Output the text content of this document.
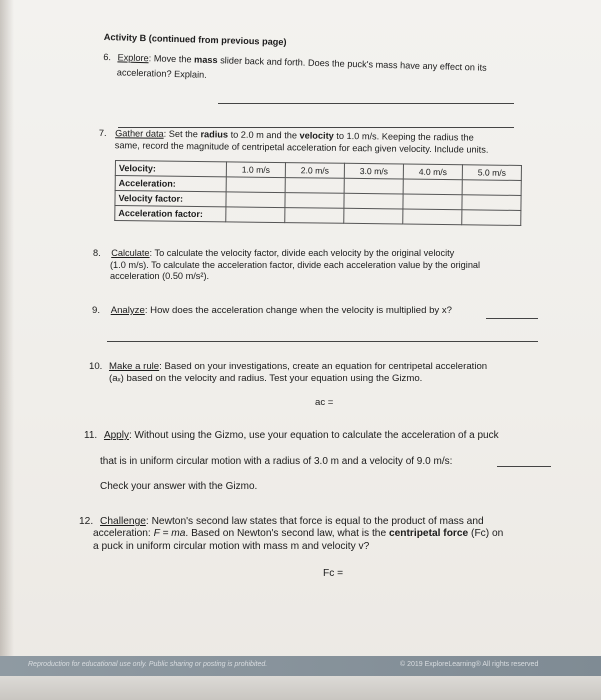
Activity B (continued from previous page)
6. Explore: Move the mass slider back and forth. Does the puck's mass have any effect on its
acceleration? Explain.
7. Gather data: Set the radius to 2.0 m and the velocity to 1.0 m/s. Keeping the radius the
same, record the magnitude of centripetal acceleration for each given velocity. Include units.
Velocity:	1.0 m/s	2.0 m/s	3.0 m/s	4.0 m/s	5.0 m/s
Acceleration:					
Velocity factor:					
Acceleration factor:					
8. Calculate: To calculate the velocity factor, divide each velocity by the original velocity
(1.0 m/s). To calculate the acceleration factor, divide each acceleration value by the original
acceleration (0.50 m/s²).
9. Analyze: How does the acceleration change when the velocity is multiplied by x?
10. Make a rule: Based on your investigations, create an equation for centripetal acceleration
(aₓ) based on the velocity and radius. Test your equation using the Gizmo.
aᴄ =
11. Apply: Without using the Gizmo, use your equation to calculate the acceleration of a puck
that is in uniform circular motion with a radius of 3.0 m and a velocity of 9.0 m/s:
Check your answer with the Gizmo.
12. Challenge: Newton's second law states that force is equal to the product of mass and
acceleration: F = ma. Based on Newton's second law, what is the centripetal force (Fᴄ) on
a puck in uniform circular motion with mass m and velocity v?
Fᴄ =
Reproduction for educational use only. Public sharing or posting is prohibited.	© 2019 ExploreLearning® All rights reserved
